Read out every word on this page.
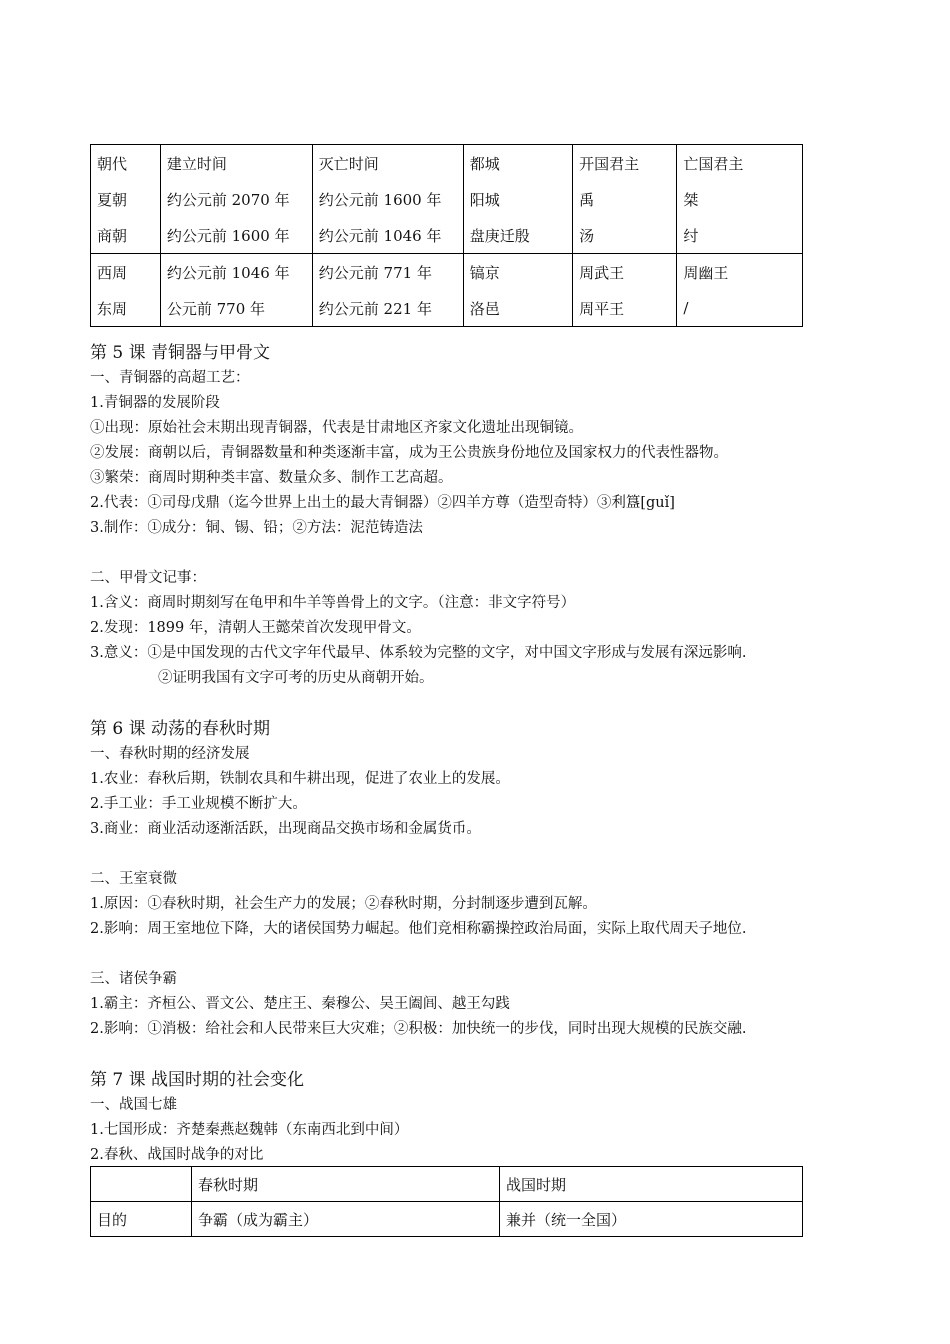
朝代	建立时间	灭亡时间	都城	开国君主	亡国君主
夏朝	约公元前 2070 年	约公元前 1600 年	阳城	禹	桀
商朝	约公元前 1600 年	约公元前 1046 年	盘庚迁殷	汤	纣
西周	约公元前 1046 年	约公元前 771 年	镐京	周武王	周幽王
东周	公元前 770 年	约公元前 221 年	洛邑	周平王	/
第 5 课 青铜器与甲骨文
一、青铜器的高超工艺：
1.青铜器的发展阶段
①出现：原始社会末期出现青铜器，代表是甘肃地区齐家文化遗址出现铜镜。
②发展：商朝以后，青铜器数量和种类逐渐丰富，成为王公贵族身份地位及国家权力的代表性器物。
③繁荣：商周时期种类丰富、数量众多、制作工艺高超。
2.代表：①司母戊鼎（迄今世界上出土的最大青铜器）②四羊方尊（造型奇特）③利簋[guǐ]
3.制作：①成分：铜、锡、铅；②方法：泥范铸造法
二、甲骨文记事：
1.含义：商周时期刻写在龟甲和牛羊等兽骨上的文字。（注意：非文字符号）
2.发现：1899 年，清朝人王懿荣首次发现甲骨文。
3.意义：①是中国发现的古代文字年代最早、体系较为完整的文字，对中国文字形成与发展有深远影响.
②证明我国有文字可考的历史从商朝开始。
第 6 课 动荡的春秋时期
一、春秋时期的经济发展
1.农业：春秋后期，铁制农具和牛耕出现，促进了农业上的发展。
2.手工业：手工业规模不断扩大。
3.商业：商业活动逐渐活跃，出现商品交换市场和金属货币。
二、王室衰微
1.原因：①春秋时期，社会生产力的发展；②春秋时期，分封制逐步遭到瓦解。
2.影响：周王室地位下降，大的诸侯国势力崛起。他们竞相称霸操控政治局面，实际上取代周天子地位.
三、诸侯争霸
1.霸主：齐桓公、晋文公、楚庄王、秦穆公、吴王阖闾、越王勾践
2.影响：①消极：给社会和人民带来巨大灾难；②积极：加快统一的步伐，同时出现大规模的民族交融.
第 7 课 战国时期的社会变化
一、战国七雄
1.七国形成：齐楚秦燕赵魏韩（东南西北到中间）
2.春秋、战国时战争的对比
	春秋时期	战国时期
目的	争霸（成为霸主）	兼并（统一全国）
